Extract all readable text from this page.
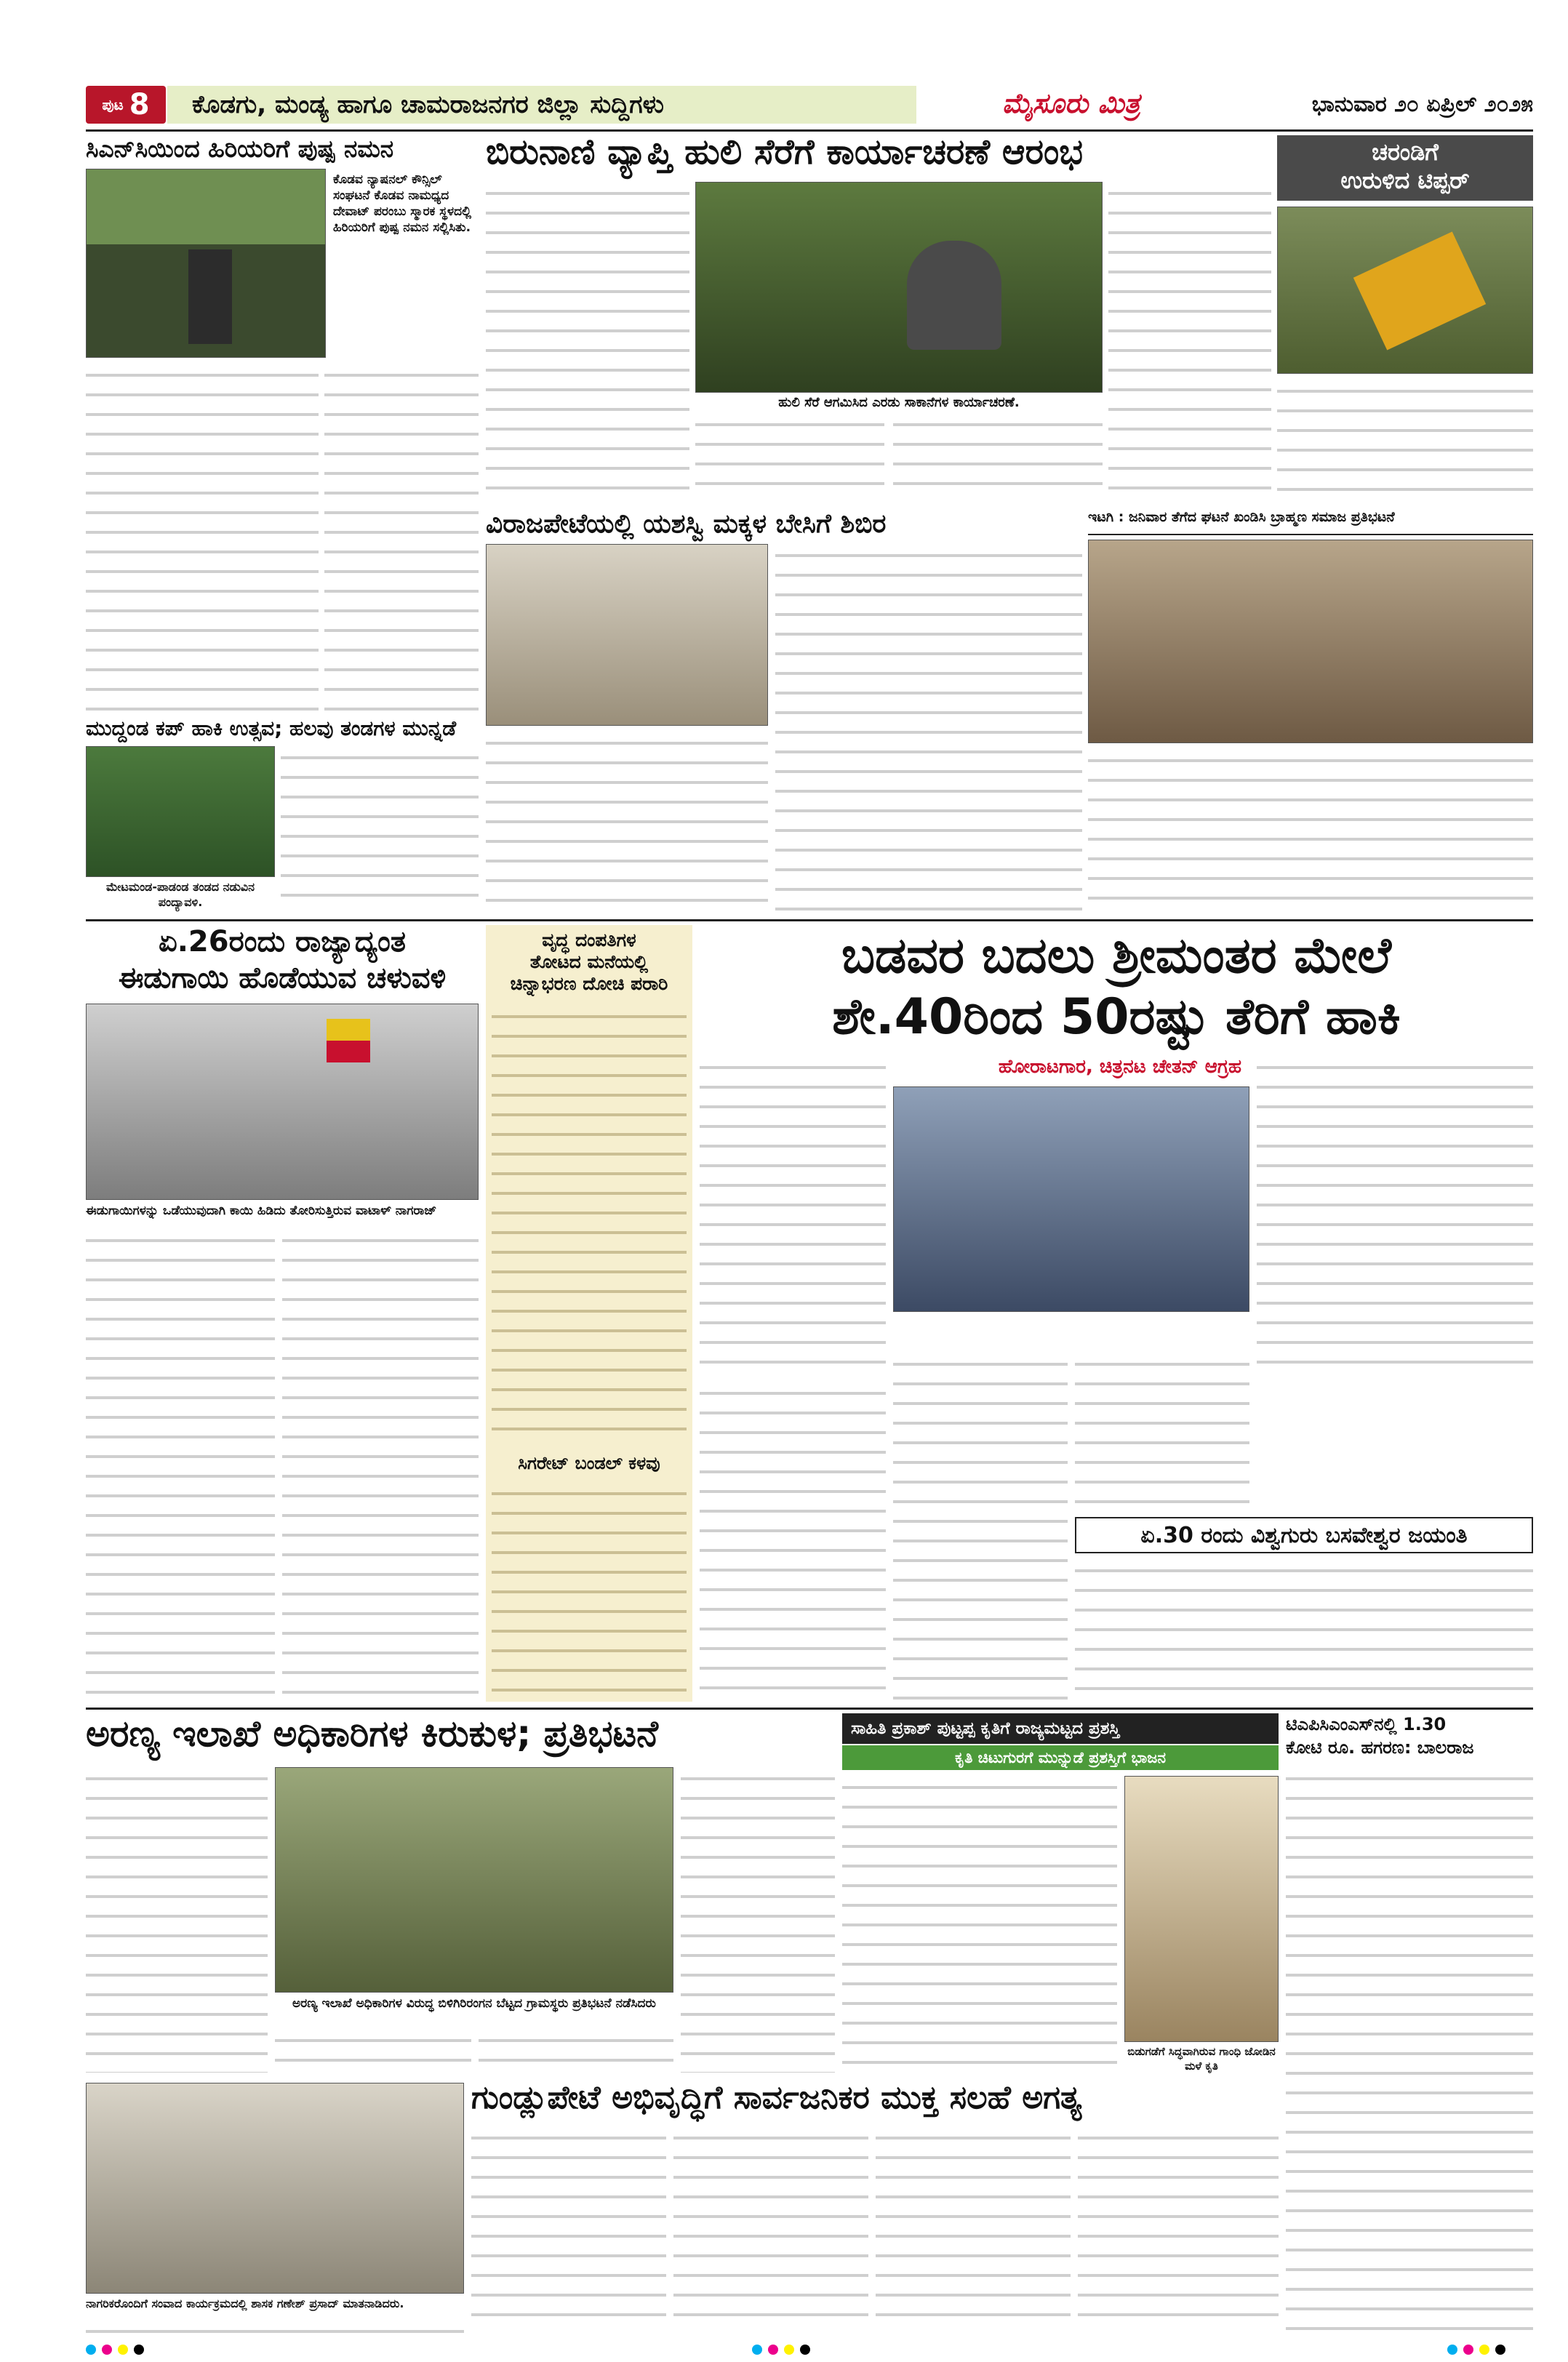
ಪುಟ 8 ಕೊಡಗು, ಮಂಡ್ಯ ಹಾಗೂ ಚಾಮರಾಜನಗರ ಜಿಲ್ಲಾ ಸುದ್ದಿಗಳು	ಮೈಸೂರು ಮಿತ್ರ	ಭಾನುವಾರ ೨೦ ಏಪ್ರಿಲ್ ೨೦೨೫
ಸಿಎನ್‌ಸಿಯಿಂದ ಹಿರಿಯರಿಗೆ ಪುಷ್ಪ ನಮನ
ಕೊಡವ ನ್ಯಾಷನಲ್ ಕೌನ್ಸಿಲ್ ಸಂಘಟನೆ ಕೊಡವ ನಾಮಧ್ಯದ ದೇವಾಟ್ ಪರಂಬು ಸ್ಮಾರಕ ಸ್ಥಳದಲ್ಲಿ ಹಿರಿಯರಿಗೆ ಪುಷ್ಪ ನಮನ ಸಲ್ಲಿಸಿತು.
ಬಿರುನಾಣಿ ವ್ಯಾಪ್ತಿ ಹುಲಿ ಸೆರೆಗೆ ಕಾರ್ಯಾಚರಣೆ ಆರಂಭ
ಹುಲಿ ಸೆರೆ ಆಗಮಿಸಿದ ಎರಡು ಸಾಕಾನೆಗಳ ಕಾರ್ಯಾಚರಣೆ.
ಚರಂಡಿಗೆ
ಉರುಳಿದ ಟಿಪ್ಪರ್
ಮುದ್ದಂಡ ಕಪ್ ಹಾಕಿ ಉತ್ಸವ; ಹಲವು ತಂಡಗಳ ಮುನ್ನಡೆ
ಮೇಟಮಂಡ-ಪಾಡಂಡ ತಂಡದ ನಡುವಿನ ಪಂದ್ಯಾವಳಿ.
ವಿರಾಜಪೇಟೆಯಲ್ಲಿ ಯಶಸ್ವಿ ಮಕ್ಕಳ ಬೇಸಿಗೆ ಶಿಬಿರ	ಇಟಗಿ : ಜನಿವಾರ ತೆಗೆದ ಘಟನೆ ಖಂಡಿಸಿ ಬ್ರಾಹ್ಮಣ ಸಮಾಜ ಪ್ರತಿಭಟನೆ
ಏ.26ರಂದು ರಾಜ್ಯಾದ್ಯಂತ
ಈಡುಗಾಯಿ ಹೊಡೆಯುವ ಚಳುವಳಿ
ಈಡುಗಾಯಿಗಳನ್ನು ಒಡೆಯುವುದಾಗಿ ಕಾಯಿ ಹಿಡಿದು ತೋರಿಸುತ್ತಿರುವ ವಾಟಾಳ್ ನಾಗರಾಜ್
ವೃದ್ಧ ದಂಪತಿಗಳ
ತೋಟದ ಮನೆಯಲ್ಲಿ
ಚಿನ್ನಾಭರಣ ದೋಚಿ ಪರಾರಿ
ಸಿಗರೇಟ್ ಬಂಡಲ್ ಕಳವು
ಬಡವರ ಬದಲು ಶ್ರೀಮಂತರ ಮೇಲೆ
ಶೇ.40ರಿಂದ 50ರಷ್ಟು ತೆರಿಗೆ ಹಾಕಿ
ಹೋರಾಟಗಾರ, ಚಿತ್ರನಟ ಚೇತನ್ ಆಗ್ರಹ
ಏ.30 ರಂದು ವಿಶ್ವಗುರು ಬಸವೇಶ್ವರ ಜಯಂತಿ
ಅರಣ್ಯ ಇಲಾಖೆ ಅಧಿಕಾರಿಗಳ ಕಿರುಕುಳ; ಪ್ರತಿಭಟನೆ
ಅರಣ್ಯ ಇಲಾಖೆ ಅಧಿಕಾರಿಗಳ ವಿರುದ್ಧ ಬಿಳಿಗಿರಿರಂಗನ ಬೆಟ್ಟದ ಗ್ರಾಮಸ್ಥರು ಪ್ರತಿಭಟನೆ ನಡೆಸಿದರು
ಸಾಹಿತಿ ಪ್ರಕಾಶ್ ಪುಟ್ಟಪ್ಪ ಕೃತಿಗೆ ರಾಜ್ಯಮಟ್ಟದ ಪ್ರಶಸ್ತಿ
ಕೃತಿ ಚಿಟುಗುರಗೆ ಮುನ್ನುಡೆ ಪ್ರಶಸ್ತಿಗೆ ಭಾಜನ
ಬಿಡುಗಡೆಗೆ ಸಿದ್ಧವಾಗಿರುವ ಗಾಂಧಿ ಜೋಡಿನ ಮಳೆ ಕೃತಿ
ಟಿಎಪಿಸಿಎಂಎಸ್‌ನಲ್ಲಿ 1.30
ಕೋಟಿ ರೂ. ಹಗರಣ: ಬಾಲರಾಜ
ಗುಂಡ್ಲುಪೇಟೆ ಅಭಿವೃದ್ಧಿಗೆ ಸಾರ್ವಜನಿಕರ ಮುಕ್ತ ಸಲಹೆ ಅಗತ್ಯ
ನಾಗರಿಕರೊಂದಿಗೆ ಸಂವಾದ ಕಾರ್ಯಕ್ರಮದಲ್ಲಿ ಶಾಸಕ ಗಣೇಶ್ ಪ್ರಸಾದ್ ಮಾತನಾಡಿದರು.
